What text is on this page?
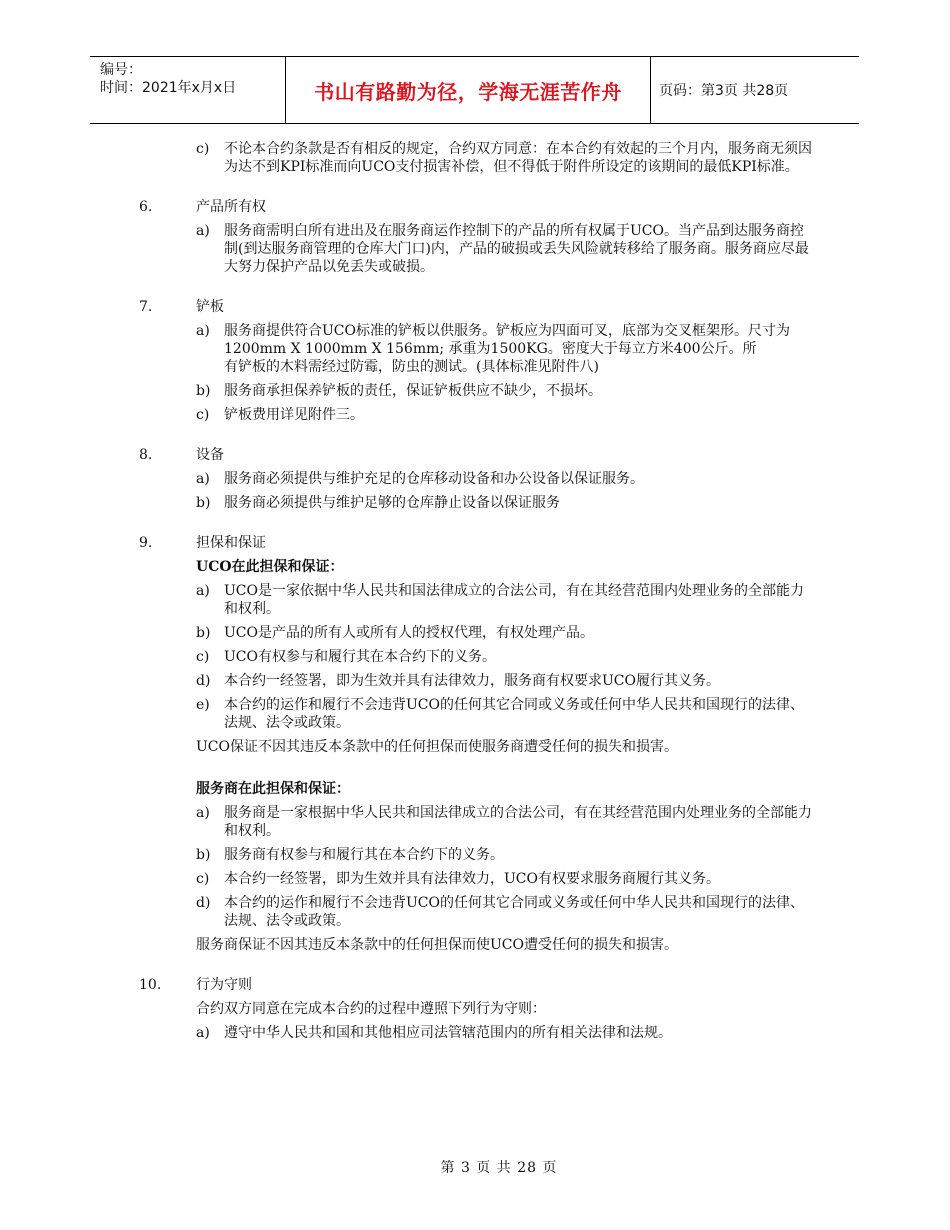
编号：
时间：2021年x月x日	书山有路勤为径，学海无涯苦作舟	页码：第3页 共28页
c) 不论本合约条款是否有相反的规定，合约双方同意：在本合约有效起的三个月内，服务商无须因为达不到KPI标准而向UCO支付损害补偿，但不得低于附件所设定的该期间的最低KPI标准。
6.	产品所有权
a) 服务商需明白所有进出及在服务商运作控制下的产品的所有权属于UCO。当产品到达服务商控制(到达服务商管理的仓库大门口)内，产品的破损或丢失风险就转移给了服务商。服务商应尽最大努力保护产品以免丢失或破损。
7.	铲板
a) 服务商提供符合UCO标准的铲板以供服务。铲板应为四面可叉，底部为交叉框架形。尺寸为1200mm X 1000mm X 156mm; 承重为1500KG。密度大于每立方米400公斤。所
有铲板的木料需经过防霉，防虫的测试。(具体标准见附件八)
b) 服务商承担保养铲板的责任，保证铲板供应不缺少，不损坏。
c) 铲板费用详见附件三。
8.	设备
a) 服务商必须提供与维护充足的仓库移动设备和办公设备以保证服务。
b) 服务商必须提供与维护足够的仓库静止设备以保证服务
9.	担保和保证
UCO在此担保和保证：
a) UCO是一家依据中华人民共和国法律成立的合法公司，有在其经营范围内处理业务的全部能力和权利。
b) UCO是产品的所有人或所有人的授权代理，有权处理产品。
c) UCO有权参与和履行其在本合约下的义务。
d) 本合约一经签署，即为生效并具有法律效力，服务商有权要求UCO履行其义务。
e) 本合约的运作和履行不会违背UCO的任何其它合同或义务或任何中华人民共和国现行的法律、法规、法令或政策。
UCO保证不因其违反本条款中的任何担保而使服务商遭受任何的损失和损害。
服务商在此担保和保证：
a) 服务商是一家根据中华人民共和国法律成立的合法公司，有在其经营范围内处理业务的全部能力和权利。
b) 服务商有权参与和履行其在本合约下的义务。
c) 本合约一经签署，即为生效并具有法律效力，UCO有权要求服务商履行其义务。
d) 本合约的运作和履行不会违背UCO的任何其它合同或义务或任何中华人民共和国现行的法律、法规、法令或政策。
服务商保证不因其违反本条款中的任何担保而使UCO遭受任何的损失和损害。
10. 行为守则
合约双方同意在完成本合约的过程中遵照下列行为守则：
a) 遵守中华人民共和国和其他相应司法管辖范围内的所有相关法律和法规。
第 3 页 共 28 页
